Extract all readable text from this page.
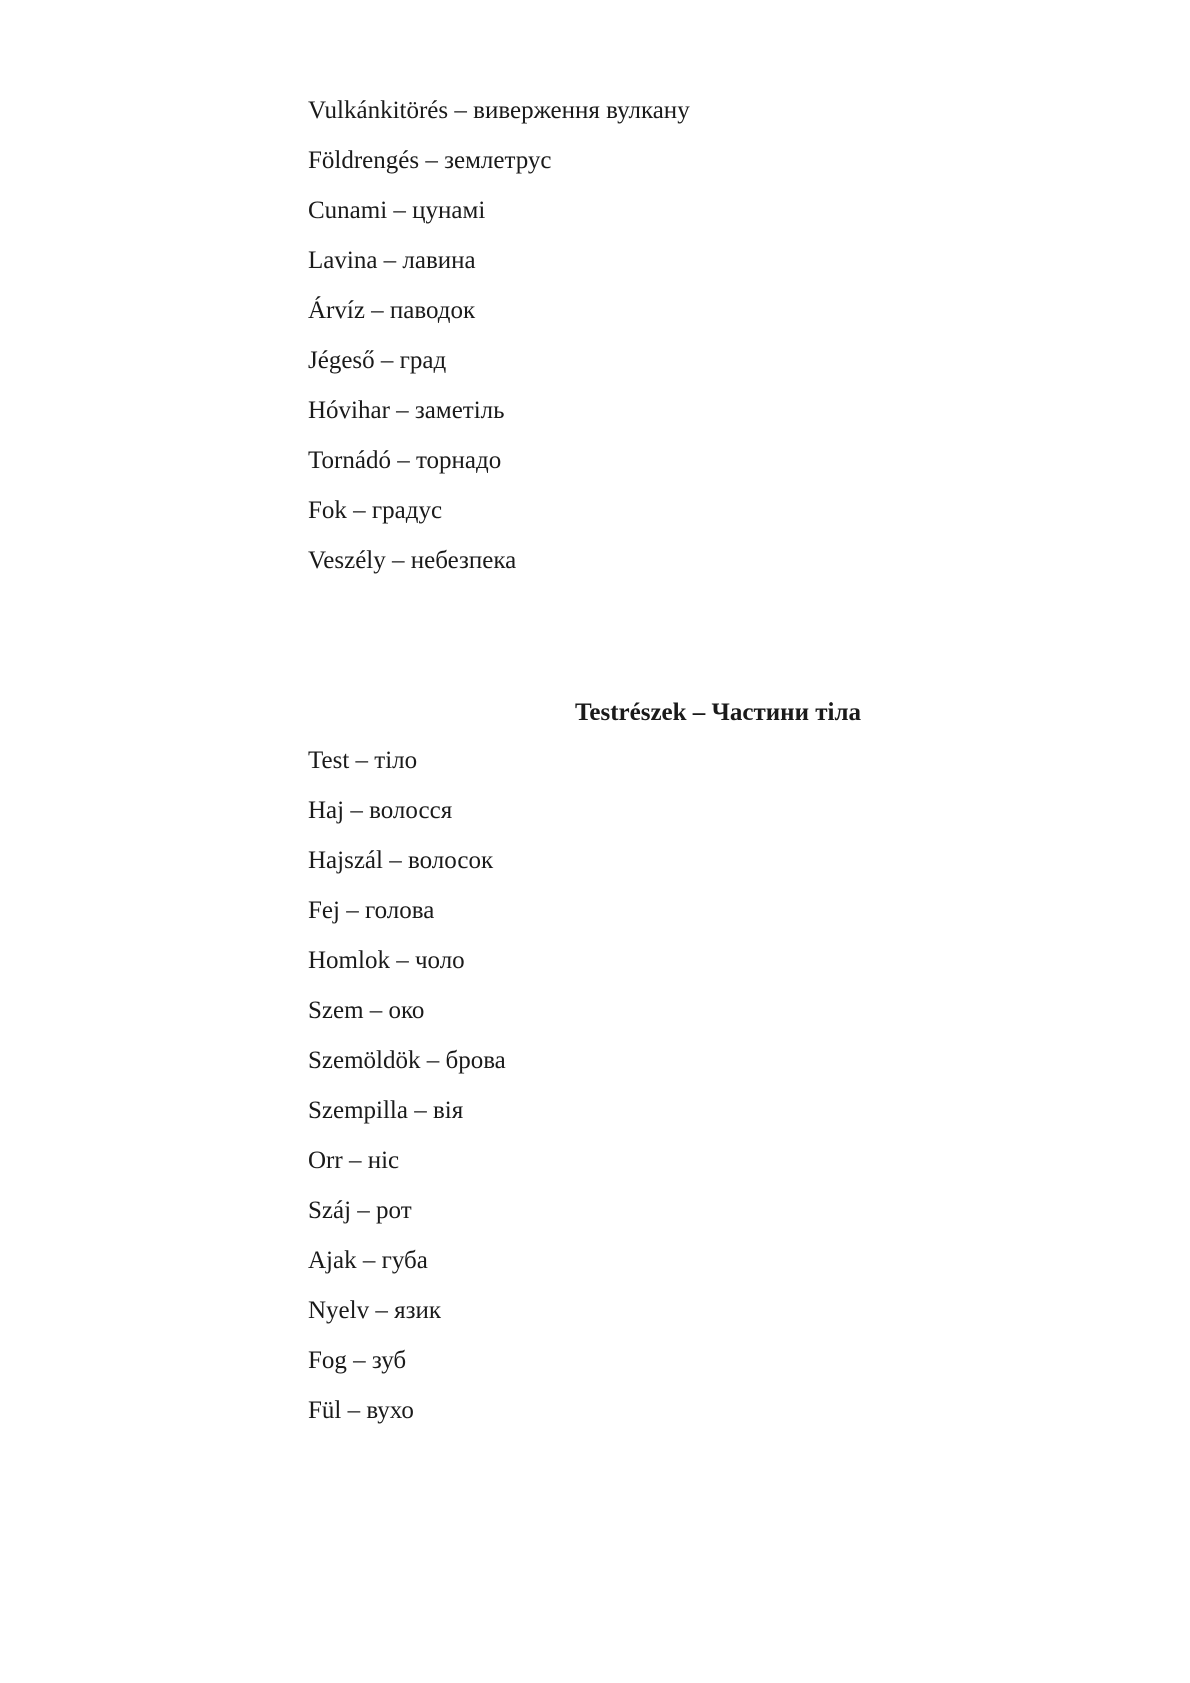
Vulkánkitörés – виверження вулкану
Földrengés – землетрус
Cunami – цунамі
Lavina – лавина
Árvíz – паводок
Jégeső – град
Hóvihar – заметіль
Tornádó – торнадо
Fok – градус
Veszély – небезпека
Testrészek – Частини тіла
Test – тіло
Haj – волосся
Hajszál – волосок
Fej – голова
Homlok – чоло
Szem – око
Szemöldök – брова
Szempilla – вія
Orr – ніс
Száj – рот
Ajak – губа
Nyelv – язик
Fog – зуб
Fül – вухо
